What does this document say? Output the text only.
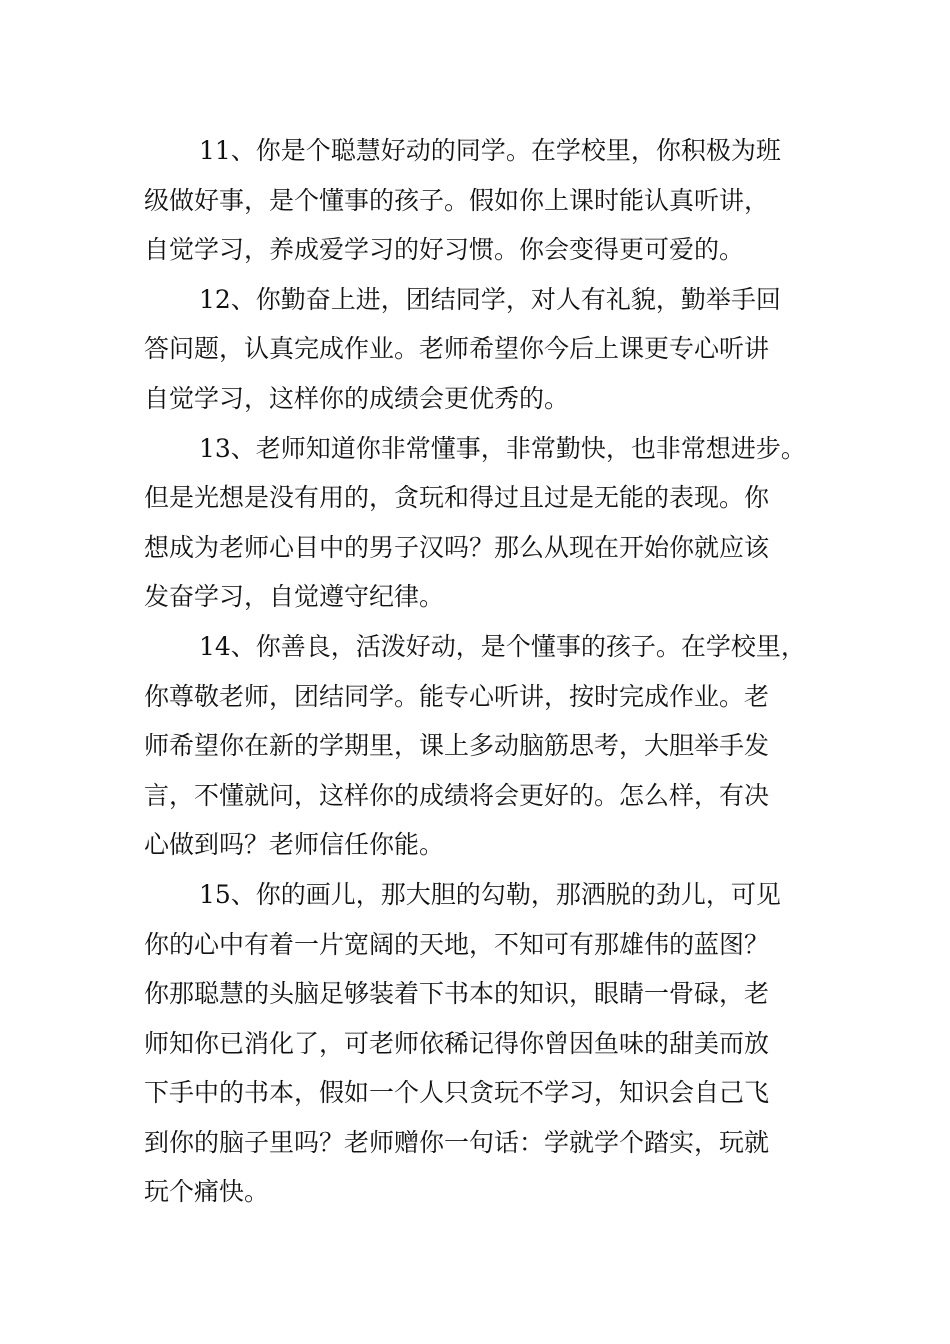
11、你是个聪慧好动的同学。在学校里，你积极为班
级做好事，是个懂事的孩子。假如你上课时能认真听讲，
自觉学习，养成爱学习的好习惯。你会变得更可爱的。

12、你勤奋上进，团结同学，对人有礼貌，勤举手回
答问题，认真完成作业。老师希望你今后上课更专心听讲
自觉学习，这样你的成绩会更优秀的。

13、老师知道你非常懂事，非常勤快，也非常想进步。
但是光想是没有用的，贪玩和得过且过是无能的表现。你
想成为老师心目中的男子汉吗？那么从现在开始你就应该
发奋学习，自觉遵守纪律。

14、你善良，活泼好动，是个懂事的孩子。在学校里，
你尊敬老师，团结同学。能专心听讲，按时完成作业。老
师希望你在新的学期里，课上多动脑筋思考，大胆举手发
言，不懂就问，这样你的成绩将会更好的。怎么样，有决
心做到吗？老师信任你能。

15、你的画儿，那大胆的勾勒，那洒脱的劲儿，可见
你的心中有着一片宽阔的天地，不知可有那雄伟的蓝图？
你那聪慧的头脑足够装着下书本的知识，眼睛一骨碌，老
师知你已消化了，可老师依稀记得你曾因鱼味的甜美而放
下手中的书本，假如一个人只贪玩不学习，知识会自己飞
到你的脑子里吗？老师赠你一句话：学就学个踏实，玩就
玩个痛快。
